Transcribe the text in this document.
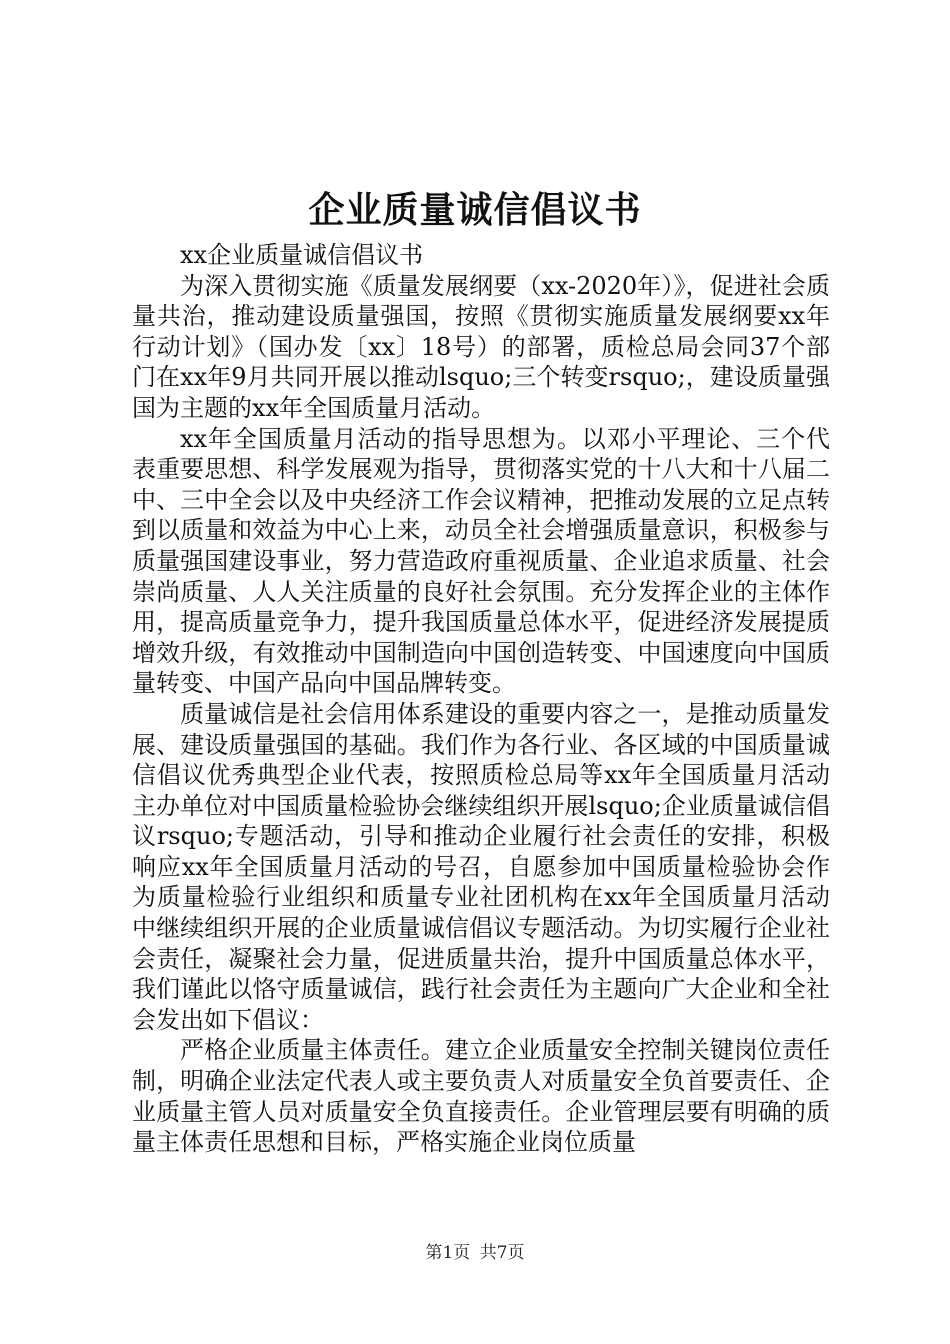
企业质量诚信倡议书

xx企业质量诚信倡议书

为深入贯彻实施《质量发展纲要（xx-2020年）》，促进社会质量共治，推动建设质量强国，按照《贯彻实施质量发展纲要xx年行动计划》（国办发〔xx〕18号）的部署，质检总局会同37个部门在xx年9月共同开展以推动lsquo;三个转变rsquo;，建设质量强国为主题的xx年全国质量月活动。

xx年全国质量月活动的指导思想为。以邓小平理论、三个代表重要思想、科学发展观为指导，贯彻落实党的十八大和十八届二中、三中全会以及中央经济工作会议精神，把推动发展的立足点转到以质量和效益为中心上来，动员全社会增强质量意识，积极参与质量强国建设事业，努力营造政府重视质量、企业追求质量、社会崇尚质量、人人关注质量的良好社会氛围。充分发挥企业的主体作用，提高质量竞争力，提升我国质量总体水平，促进经济发展提质增效升级，有效推动中国制造向中国创造转变、中国速度向中国质量转变、中国产品向中国品牌转变。

质量诚信是社会信用体系建设的重要内容之一，是推动质量发展、建设质量强国的基础。我们作为各行业、各区域的中国质量诚信倡议优秀典型企业代表，按照质检总局等xx年全国质量月活动主办单位对中国质量检验协会继续组织开展lsquo;企业质量诚信倡议rsquo;专题活动，引导和推动企业履行社会责任的安排，积极响应xx年全国质量月活动的号召，自愿参加中国质量检验协会作为质量检验行业组织和质量专业社团机构在xx年全国质量月活动中继续组织开展的企业质量诚信倡议专题活动。为切实履行企业社会责任，凝聚社会力量，促进质量共治，提升中国质量总体水平，我们谨此以恪守质量诚信，践行社会责任为主题向广大企业和全社会发出如下倡议：

严格企业质量主体责任。建立企业质量安全控制关键岗位责任制，明确企业法定代表人或主要负责人对质量安全负首要责任、企业质量主管人员对质量安全负直接责任。企业管理层要有明确的质量主体责任思想和目标，严格实施企业岗位质量

第1页 共7页
